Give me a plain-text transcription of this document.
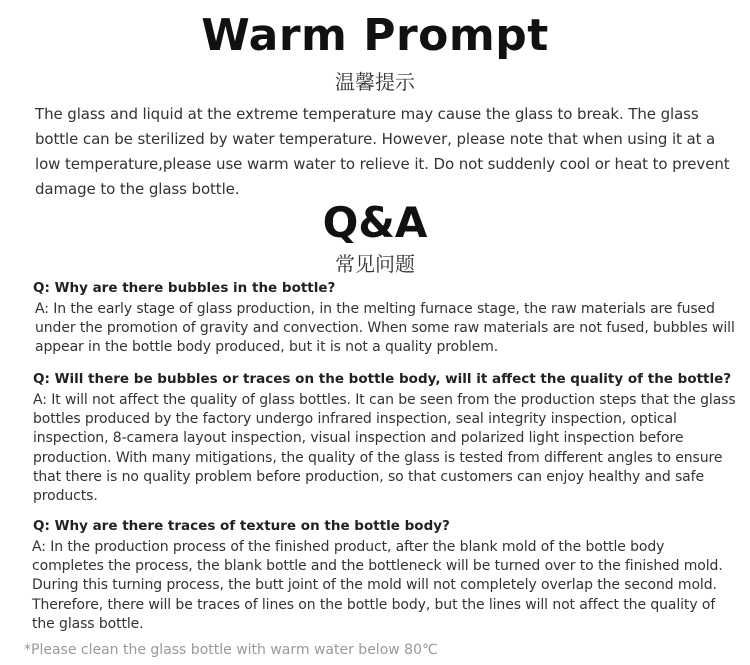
Warm Prompt
温馨提示
The glass and liquid at the extreme temperature may cause the glass to break. The glass bottle can be sterilized by water temperature. However, please note that when using it at a low temperature,please use warm water to relieve it. Do not suddenly cool or heat to prevent damage to the glass bottle.
Q&A
常见问题
Q: Why are there bubbles in the bottle?
A: In the early stage of glass production, in the melting furnace stage, the raw materials are fused under the promotion of gravity and convection. When some raw materials are not fused, bubbles will appear in the bottle body produced, but it is not a quality problem.
Q: Will there be bubbles or traces on the bottle body, will it affect the quality of the bottle?
A: It will not affect the quality of glass bottles. It can be seen from the production steps that the glass bottles produced by the factory undergo infrared inspection, seal integrity inspection, optical inspection, 8-camera layout inspection, visual inspection and polarized light inspection before production. With many mitigations, the quality of the glass is tested from different angles to ensure that there is no quality problem before production, so that customers can enjoy healthy and safe products.
Q: Why are there traces of texture on the bottle body?
A: In the production process of the finished product, after the blank mold of the bottle body completes the process, the blank bottle and the bottleneck will be turned over to the finished mold. During this turning process, the butt joint of the mold will not completely overlap the second mold. Therefore, there will be traces of lines on the bottle body, but the lines will not affect the quality of the glass bottle.
*Please clean the glass bottle with warm water below 80℃
